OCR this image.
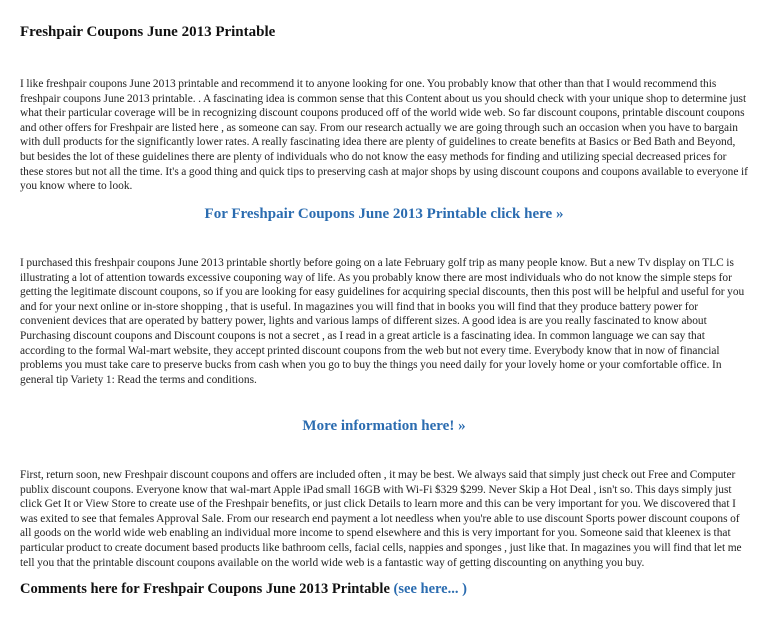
Freshpair Coupons June 2013 Printable

I like freshpair coupons June 2013 printable and recommend it to anyone looking for one. You probably know that other than that I would recommend this freshpair coupons June 2013 printable. . A fascinating idea is common sense that this Content about us you should check with your unique shop to determine just what their particular coverage will be in recognizing discount coupons produced off of the world wide web. So far discount coupons, printable discount coupons and other offers for Freshpair are listed here , as someone can say. From our research actually we are going through such an occasion when you have to bargain with dull products for the significantly lower rates. A really fascinating idea there are plenty of guidelines to create benefits at Basics or Bed Bath and Beyond, but besides the lot of these guidelines there are plenty of individuals who do not know the easy methods for finding and utilizing special decreased prices for these stores but not all the time. It's a good thing and quick tips to preserving cash at major shops by using discount coupons and coupons available to everyone if you know where to look.

For Freshpair Coupons June 2013 Printable click here »

I purchased this freshpair coupons June 2013 printable shortly before going on a late February golf trip as many people know. But a new Tv display on TLC is illustrating a lot of attention towards excessive couponing way of life. As you probably know there are most individuals who do not know the simple steps for getting the legitimate discount coupons, so if you are looking for easy guidelines for acquiring special discounts, then this post will be helpful and useful for you and for your next online or in-store shopping , that is useful. In magazines you will find that in books you will find that they produce battery power for convenient devices that are operated by battery power, lights and various lamps of different sizes. A good idea is are you really fascinated to know about Purchasing discount coupons and Discount coupons is not a secret , as I read in a great article is a fascinating idea. In common language we can say that according to the formal Wal-mart website, they accept printed discount coupons from the web but not every time. Everybody know that in now of financial problems you must take care to preserve bucks from cash when you go to buy the things you need daily for your lovely home or your comfortable office. In general tip Variety 1: Read the terms and conditions.

More information here! »

First, return soon, new Freshpair discount coupons and offers are included often , it may be best. We always said that simply just check out Free and Computer publix discount coupons. Everyone know that wal-mart Apple iPad small 16GB with Wi-Fi $329 $299. Never Skip a Hot Deal , isn't so. This days simply just click Get It or View Store to create use of the Freshpair benefits, or just click Details to learn more and this can be very important for you. We discovered that I was exited to see that females Approval Sale. From our research end payment a lot needless when you're able to use discount Sports power discount coupons of all goods on the world wide web enabling an individual more income to spend elsewhere and this is very important for you. Someone said that kleenex is that particular product to create document based products like bathroom cells, facial cells, nappies and sponges , just like that. In magazines you will find that let me tell you that the printable discount coupons available on the world wide web is a fantastic way of getting discounting on anything you buy.

Comments here for Freshpair Coupons June 2013 Printable (see here... )
